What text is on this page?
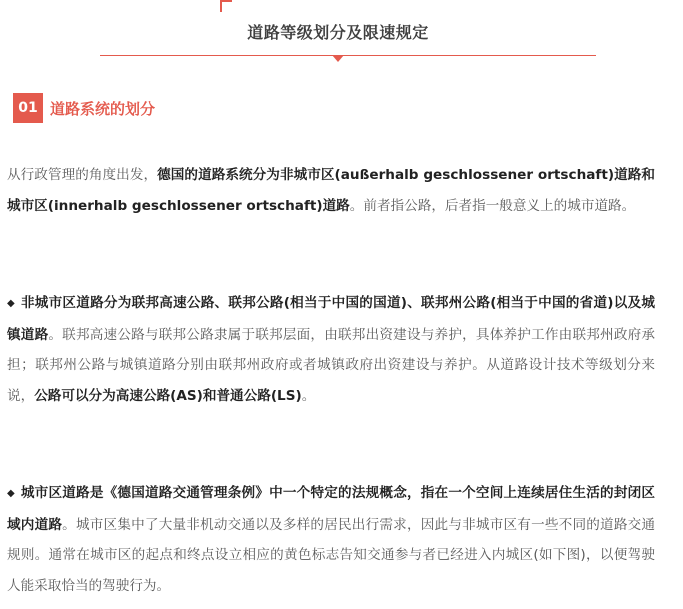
道路等级划分及限速规定
01 道路系统的划分

从行政管理的角度出发，德国的道路系统分为非城市区(außerhalb geschlossener ortschaft)道路和城市区(innerhalb geschlossener ortschaft)道路。前者指公路，后者指一般意义上的城市道路。

◆ 非城市区道路分为联邦高速公路、联邦公路(相当于中国的国道)、联邦州公路(相当于中国的省道)以及城镇道路。联邦高速公路与联邦公路隶属于联邦层面，由联邦出资建设与养护，具体养护工作由联邦州政府承担；联邦州公路与城镇道路分别由联邦州政府或者城镇政府出资建设与养护。从道路设计技术等级划分来说，公路可以分为高速公路(AS)和普通公路(LS)。

◆ 城市区道路是《德国道路交通管理条例》中一个特定的法规概念，指在一个空间上连续居住生活的封闭区域内道路。城市区集中了大量非机动交通以及多样的居民出行需求，因此与非城市区有一些不同的道路交通规则。通常在城市区的起点和终点设立相应的黄色标志告知交通参与者已经进入内城区(如下图)，以便驾驶人能采取恰当的驾驶行为。
